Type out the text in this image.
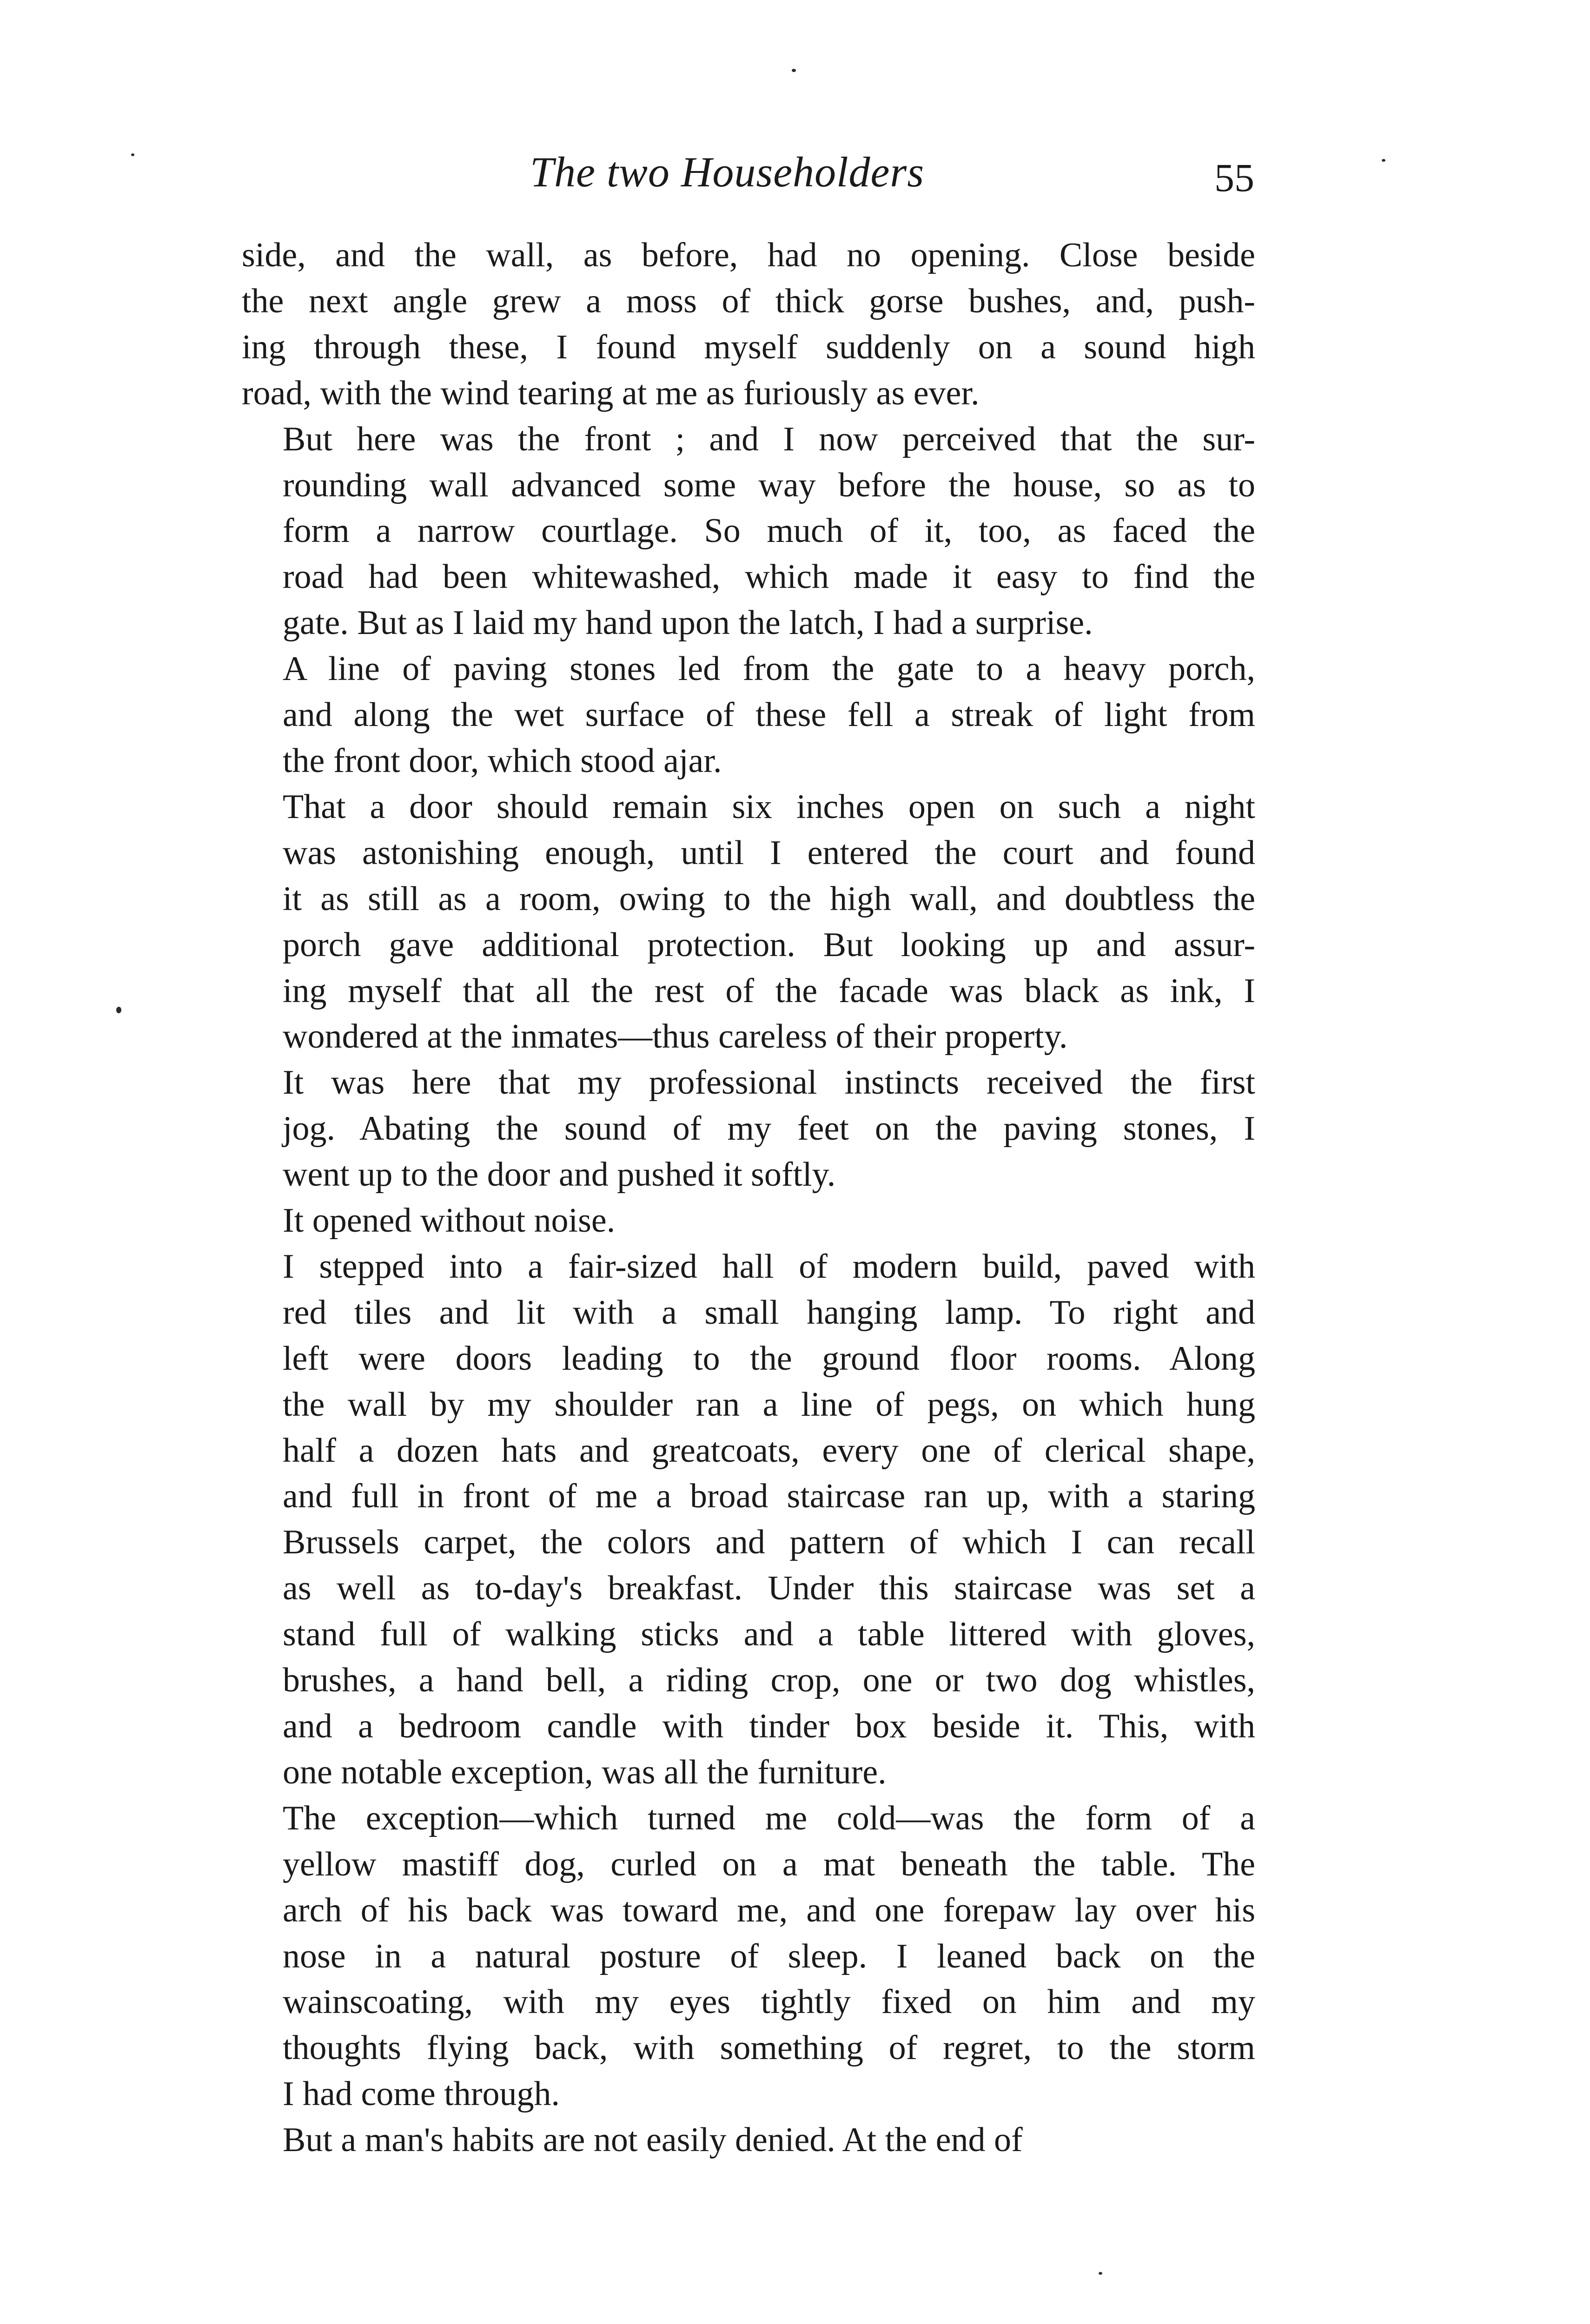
The two Householders	55

side, and the wall, as before, had no opening. Close beside
the next angle grew a moss of thick gorse bushes, and, push-
ing through these, I found myself suddenly on a sound high
road, with the wind tearing at me as furiously as ever.

But here was the front ; and I now perceived that the sur-
rounding wall advanced some way before the house, so as to
form a narrow courtlage. So much of it, too, as faced the
road had been whitewashed, which made it easy to find the
gate. But as I laid my hand upon the latch, I had a surprise.

A line of paving stones led from the gate to a heavy porch,
and along the wet surface of these fell a streak of light from
the front door, which stood ajar.

That a door should remain six inches open on such a night
was astonishing enough, until I entered the court and found
it as still as a room, owing to the high wall, and doubtless the
porch gave additional protection. But looking up and assur-
ing myself that all the rest of the facade was black as ink, I
wondered at the inmates—thus careless of their property.

It was here that my professional instincts received the first
jog. Abating the sound of my feet on the paving stones, I
went up to the door and pushed it softly.

It opened without noise.

I stepped into a fair-sized hall of modern build, paved with
red tiles and lit with a small hanging lamp. To right and
left were doors leading to the ground floor rooms. Along
the wall by my shoulder ran a line of pegs, on which hung
half a dozen hats and greatcoats, every one of clerical shape,
and full in front of me a broad staircase ran up, with a staring
Brussels carpet, the colors and pattern of which I can recall
as well as to-day's breakfast. Under this staircase was set a
stand full of walking sticks and a table littered with gloves,
brushes, a hand bell, a riding crop, one or two dog whistles,
and a bedroom candle with tinder box beside it. This, with
one notable exception, was all the furniture.

The exception—which turned me cold—was the form of a
yellow mastiff dog, curled on a mat beneath the table. The
arch of his back was toward me, and one forepaw lay over his
nose in a natural posture of sleep. I leaned back on the
wainscoating, with my eyes tightly fixed on him and my
thoughts flying back, with something of regret, to the storm
I had come through.

But a man's habits are not easily denied. At the end of
